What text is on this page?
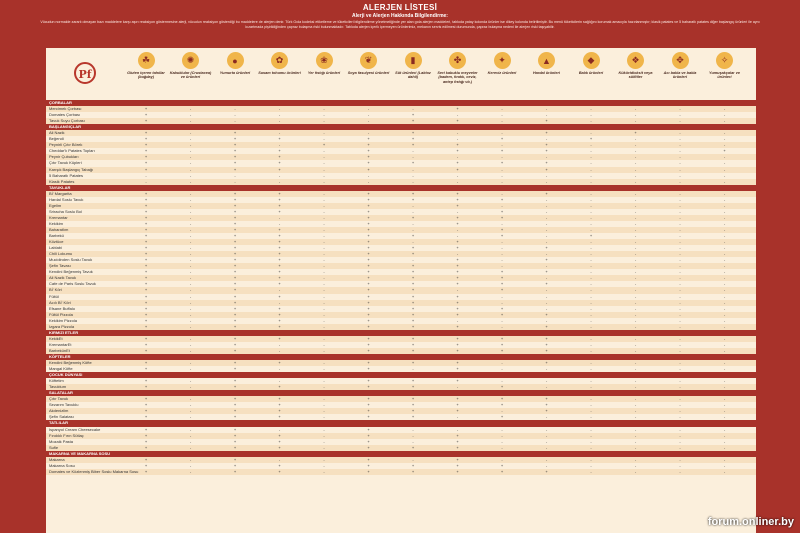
ALERJEN LİSTESİ
Alerji ve Alerjen Hakkında Bilgilendirme:
Vücudun normalde zararlı olmayan bazı maddelere karşı aşırı reaksiyon göstermesine alerji, vücudun reaksiyon gösterdiği bu maddelere de alerjen denir. Türk Gıda kodeksi etiketleme ve tüketicileri bilgilendirme yönetmeliğinde yer alan gıda alerjen maddeleri, tabloda yatay kolonda ürünler ise dikey kolonda belirtilmiştir. Bu menü tüketicilerin sağlığını korumak amacıyla hazırlanmıştır; klasik patates ve 5 baharatlı patates diğer başlangıç ürünleri ile aynı kızartmada pişirildiğinden çapraz bulaşma riski bulunmaktadır. Tabloda alerjen içerik içermeyen ürünlerimiz, mekanın servis edilmesi durumunda, çapraz bulaşma nedeni ile alerjen riski taşıyabilir.
Pf
☘
Gluten içeren tahıllar (buğday)
✺
Kabuklular (Crustacea) ve ürünleri
●
Yumurta ürünleri
✿
Susam tohumu ürünleri
❀
Yer fıstığı ürünleri
❦
Soya fasulyesi ürünleri
▮
Süt ürünleri (Laktoz dahil)
✤
Sert kabuklu meyveler (badem, fındık, ceviz, antep fıstığı vb.)
✦
Kereviz ürünleri
▲
Hardal ürünleri
◆
Balık ürünleri
❖
Kükürtdioksit veya sülfitler
✥
Acı bakla ve bakla ürünleri
✧
Yumuşakçalar ve ürünleri
ÇORBALAR
Mercimek Çorbası	+	-	-	-	-	-	-	+	-	-	-	-	-	-
Domates Çorbası	+	-	-	-	-	-	+	-	-	-	-	-	-	-
Tavuk Suyu Çorbası	+	-	-	-	-	-	+	+	-	+	-	-	-	-
BAŞLANGIÇLAR
Ali Nazik	+	-	+	-	-	-	+	-	-	+	-	+	-	-
Beğendi	+	-	+	+	-	+	+	-	+	-	+	-	-	-
Peynirli Çıtır Börek	+	-	+	-	+	+	+	+	-	+	-	-	-	-
Cheddar'lı Patates Topları	+	-	+	+	-	+	-	+	+	+	-	-	-	+
Peynir Çubukları	+	-	+	+	-	+	-	-	-	-	-	-	-	-
Çıtır Tavuk Küpleri	+	-	+	+	-	+	+	+	+	+	-	-	-	-
Karışık Başlangıç Tabağı	+	-	+	+	-	+	-	+	-	+	-	-	-	-
5 Baharatlı Patates	-	-	-	-	-	-	-	-	-	-	-	-	-	-
Klasik Patates	-	-	-	-	-	-	-	-	-	-	-	-	-	-
TAVUKLAR
Bİ' Margarita	+	-	+	+	-	+	+	+	-	+	-	-	-	-
Hardal Soslu Tavuk	+	-	+	+	-	+	+	+	+	-	-	-	-	-
Egelim	+	-	+	+	-	+	-	+	-	-	-	-	-	-
Sriracha Soslu Bol	+	-	+	+	-	+	-	-	+	-	-	-	-	-
Kremantar	+	-	+	-	-	+	+	+	+	-	-	-	-	-
Kekikim	+	-	+	-	-	+	-	+	-	-	-	-	-	-
Baharatlım	+	-	+	+	-	+	-	-	+	-	-	-	-	-
Barbekü	+	-	+	+	-	+	+	-	+	-	+	-	-	-
Köztüce	+	-	+	+	-	+	-	+	-	-	-	-	-	-
Lablabi	+	-	+	+	-	+	+	+	-	+	-	-	-	-
Chili Lokumu	+	-	+	+	-	+	+	-	-	-	-	-	-	-
Mucidinden Soslu Tavuk	+	-	+	+	-	+	-	+	-	+	-	-	-	-
Şefin Tavası	+	-	+	+	-	+	+	+	-	-	-	-	-	-
Kendini Beğenmiş Tavuk	+	-	+	+	-	+	+	+	+	+	-	-	-	-
Ali Nazik Tavuk	+	-	+	+	-	+	+	+	+	-	-	-	-	-
Cafe de Paris Soslu Tavuk	+	-	+	+	-	+	+	+	+	+	-	-	-	-
Bİ' Köri	+	-	+	-	-	+	+	-	+	-	-	-	-	-
Fültül	+	-	+	+	-	+	+	+	-	-	-	-	-	-
Acılı Bİ' Köri	+	-	+	-	-	+	+	+	-	-	-	-	-	-
Efsane Buffalo	+	-	+	+	-	+	+	+	+	-	-	-	-	-
Fültül Pizzola	+	-	+	+	-	+	+	+	+	+	-	-	-	-
Kekikim Pizzola	+	-	+	+	-	+	+	-	-	-	-	-	-	-
Izgara Pizzola	+	-	+	+	-	+	+	+	-	+	-	-	-	-
KIRMIZI ETLER
KekikEt	+	-	+	+	-	+	+	+	+	+	-	-	-	-
KremantarEt	+	-	+	-	-	+	+	+	+	+	-	-	-	-
BarbekünEt	+	-	+	-	-	+	+	+	+	+	-	-	-	-
KÖFTELER
Kendini Beğenmiş Köfte	+	-	+	+	-	+	+	+	-	+	-	-	-	-
Mangal Köfte	+	-	+	-	-	+	-	+	-	-	-	-	-	-
ÇOCUK DÜNYASI
Köftetim	+	-	+	-	-	+	+	+	-	-	-	-	-	-
Tavuktum	+	-	+	+	-	+	+	-	+	-	-	-	-	-
SALATALAR
Çıtır Tavuk	+	-	+	+	-	+	+	+	+	+	-	-	-	-
Sezarım Tavuklu	+	-	+	+	-	+	+	+	+	+	-	-	-	-
Akdenizlim	+	-	+	+	-	+	+	+	-	+	-	-	-	-
Şefin Salatası	+	-	+	+	-	+	+	-	+	-	-	-	-	-
TATLILAR
Ispanyol Cream Cheesecake	+	-	+	-	-	+	-	-	-	-	-	-	-	-
Fındıklı Fırın Sütlaç	+	-	+	+	-	+	-	+	-	-	-	-	-	-
Mozaik Pasta	+	-	+	+	-	+	-	+	-	-	-	-	-	-
Sufle	+	-	+	+	-	+	+	+	-	-	-	-	-	-
MAKARNA VE MAKARNA SOSU
Makarna	+	-	+	-	-	+	-	+	-	-	-	-	-	-
Makarna Sosu	+	-	+	+	-	+	+	+	+	-	-	-	-	-
Domates ve Közlenmiş Biber Soslu Makarna Sosu	+	-	+	+	-	+	+	+	+	+	-	-	-	-
forum.onliner.by
